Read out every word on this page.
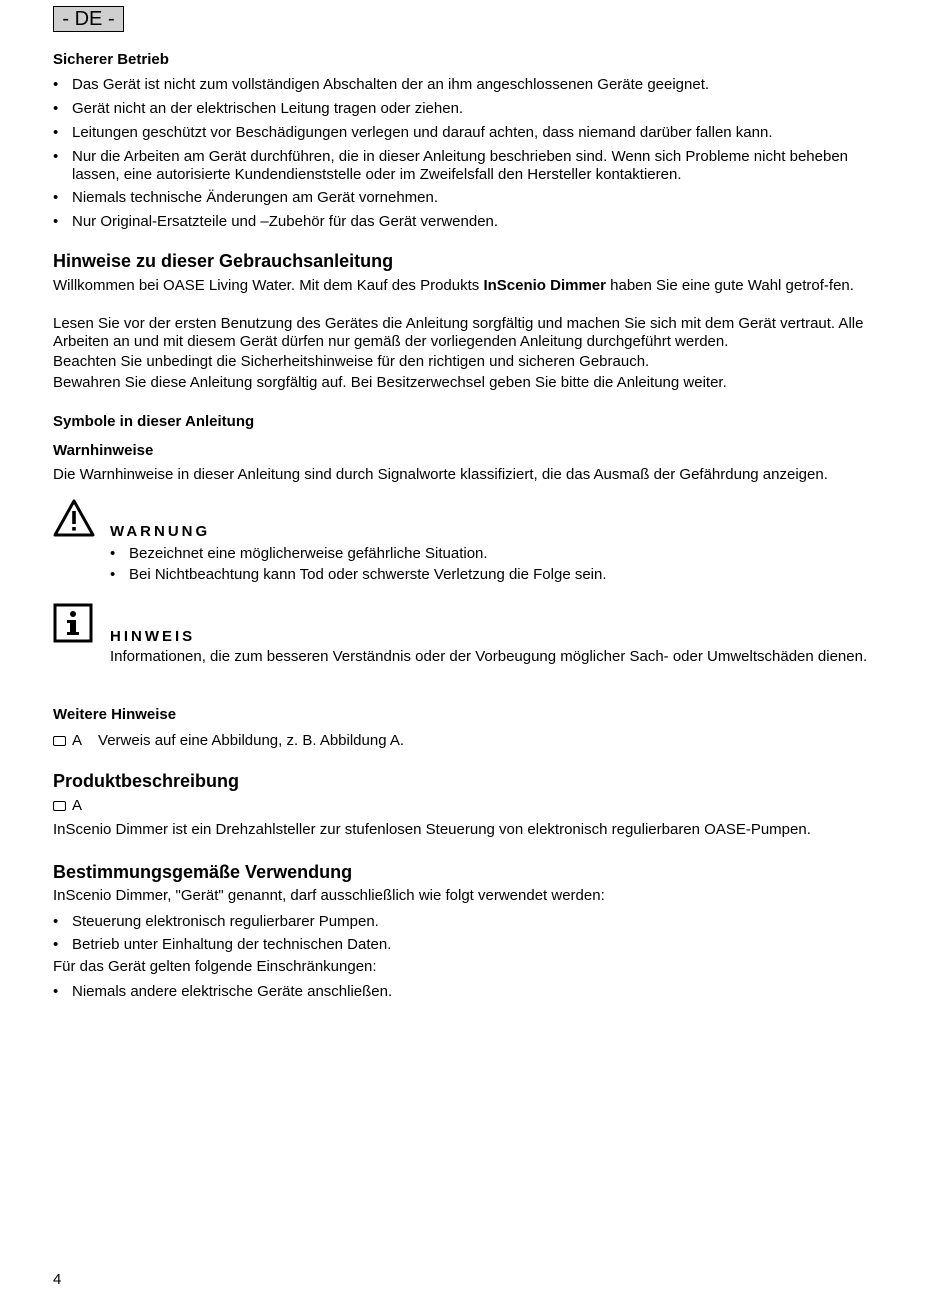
- DE -
Sicherer Betrieb
• Das Gerät ist nicht zum vollständigen Abschalten der an ihm angeschlossenen Geräte geeignet.
• Gerät nicht an der elektrischen Leitung tragen oder ziehen.
• Leitungen geschützt vor Beschädigungen verlegen und darauf achten, dass niemand darüber fallen kann.
• Nur die Arbeiten am Gerät durchführen, die in dieser Anleitung beschrieben sind. Wenn sich Probleme nicht beheben lassen, eine autorisierte Kundendienststelle oder im Zweifelsfall den Hersteller kontaktieren.
• Niemals technische Änderungen am Gerät vornehmen.
• Nur Original-Ersatzteile und –Zubehör für das Gerät verwenden.
Hinweise zu dieser Gebrauchsanleitung

Willkommen bei OASE Living Water. Mit dem Kauf des Produkts InScenio Dimmer haben Sie eine gute Wahl getrof-fen.

Lesen Sie vor der ersten Benutzung des Gerätes die Anleitung sorgfältig und machen Sie sich mit dem Gerät vertraut. Alle Arbeiten an und mit diesem Gerät dürfen nur gemäß der vorliegenden Anleitung durchgeführt werden.

Beachten Sie unbedingt die Sicherheitshinweise für den richtigen und sicheren Gebrauch.

Bewahren Sie diese Anleitung sorgfältig auf. Bei Besitzerwechsel geben Sie bitte die Anleitung weiter.

Symbole in dieser Anleitung
Warnhinweise

Die Warnhinweise in dieser Anleitung sind durch Signalworte klassifiziert, die das Ausmaß der Gefährdung anzeigen.

WARNUNG
• Bezeichnet eine möglicherweise gefährliche Situation.
• Bei Nichtbeachtung kann Tod oder schwerste Verletzung die Folge sein.
HINWEIS

Informationen, die zum besseren Verständnis oder der Vorbeugung möglicher Sach- oder Umweltschäden dienen.

Weitere Hinweise
A Verweis auf eine Abbildung, z. B. Abbildung A.
Produktbeschreibung
A

InScenio Dimmer ist ein Drehzahlsteller zur stufenlosen Steuerung von elektronisch regulierbaren OASE-Pumpen.

Bestimmungsgemäße Verwendung

InScenio Dimmer, "Gerät" genannt, darf ausschließlich wie folgt verwendet werden:

• Steuerung elektronisch regulierbarer Pumpen.
• Betrieb unter Einhaltung der technischen Daten.

Für das Gerät gelten folgende Einschränkungen:

• Niemals andere elektrische Geräte anschließen.
4
